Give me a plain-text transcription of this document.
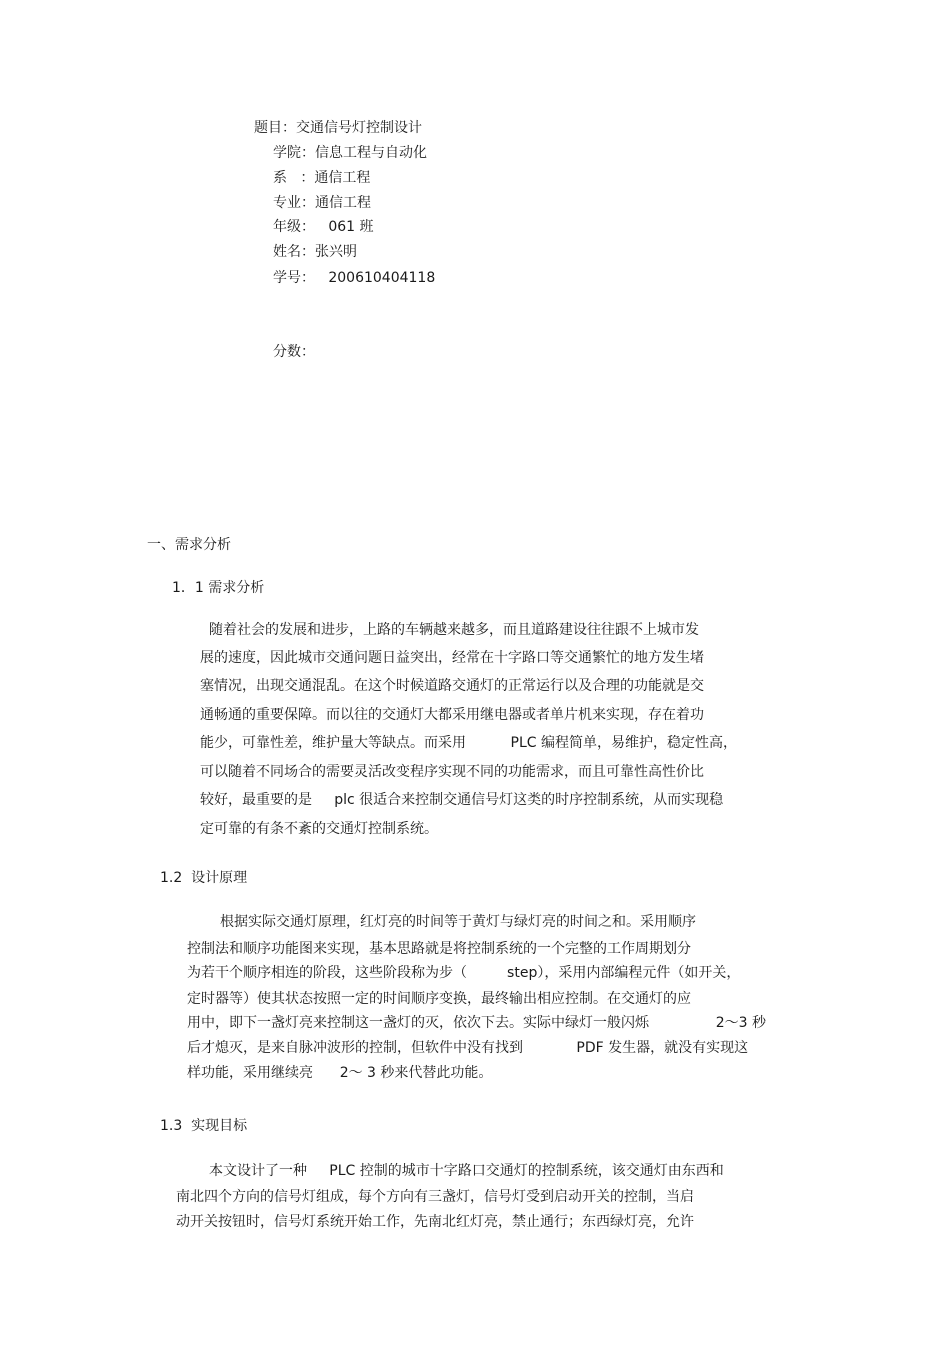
题目：交通信号灯控制设计
学院：信息工程与自动化
系   ：通信工程
专业：通信工程
年级：   061 班
姓名：张兴明
学号：   200610404118
分数：
一、需求分析
1．1 需求分析
随着社会的发展和进步，上路的车辆越来越多，而且道路建设往往跟不上城市发
展的速度，因此城市交通问题日益突出，经常在十字路口等交通繁忙的地方发生堵
塞情况，出现交通混乱。在这个时候道路交通灯的正常运行以及合理的功能就是交
通畅通的重要保障。而以往的交通灯大都采用继电器或者单片机来实现，存在着功
能少，可靠性差，维护量大等缺点。而采用          PLC 编程简单，易维护，稳定性高，
可以随着不同场合的需要灵活改变程序实现不同的功能需求，而且可靠性高性价比
较好，最重要的是     plc 很适合来控制交通信号灯这类的时序控制系统，从而实现稳
定可靠的有条不紊的交通灯控制系统。
1.2  设计原理
根据实际交通灯原理，红灯亮的时间等于黄灯与绿灯亮的时间之和。采用顺序
控制法和顺序功能图来实现，基本思路就是将控制系统的一个完整的工作周期划分
为若干个顺序相连的阶段，这些阶段称为步（         step），采用内部编程元件（如开关，
定时器等）使其状态按照一定的时间顺序变换，最终输出相应控制。在交通灯的应
用中，即下一盏灯亮来控制这一盏灯的灭，依次下去。实际中绿灯一般闪烁               2～3 秒
后才熄灭，是来自脉冲波形的控制，但软件中没有找到            PDF 发生器，就没有实现这
样功能，采用继续亮      2～ 3 秒来代替此功能。
1.3  实现目标
本文设计了一种     PLC 控制的城市十字路口交通灯的控制系统，该交通灯由东西和
南北四个方向的信号灯组成，每个方向有三盏灯，信号灯受到启动开关的控制，当启
动开关按钮时，信号灯系统开始工作，先南北红灯亮，禁止通行；东西绿灯亮，允许
